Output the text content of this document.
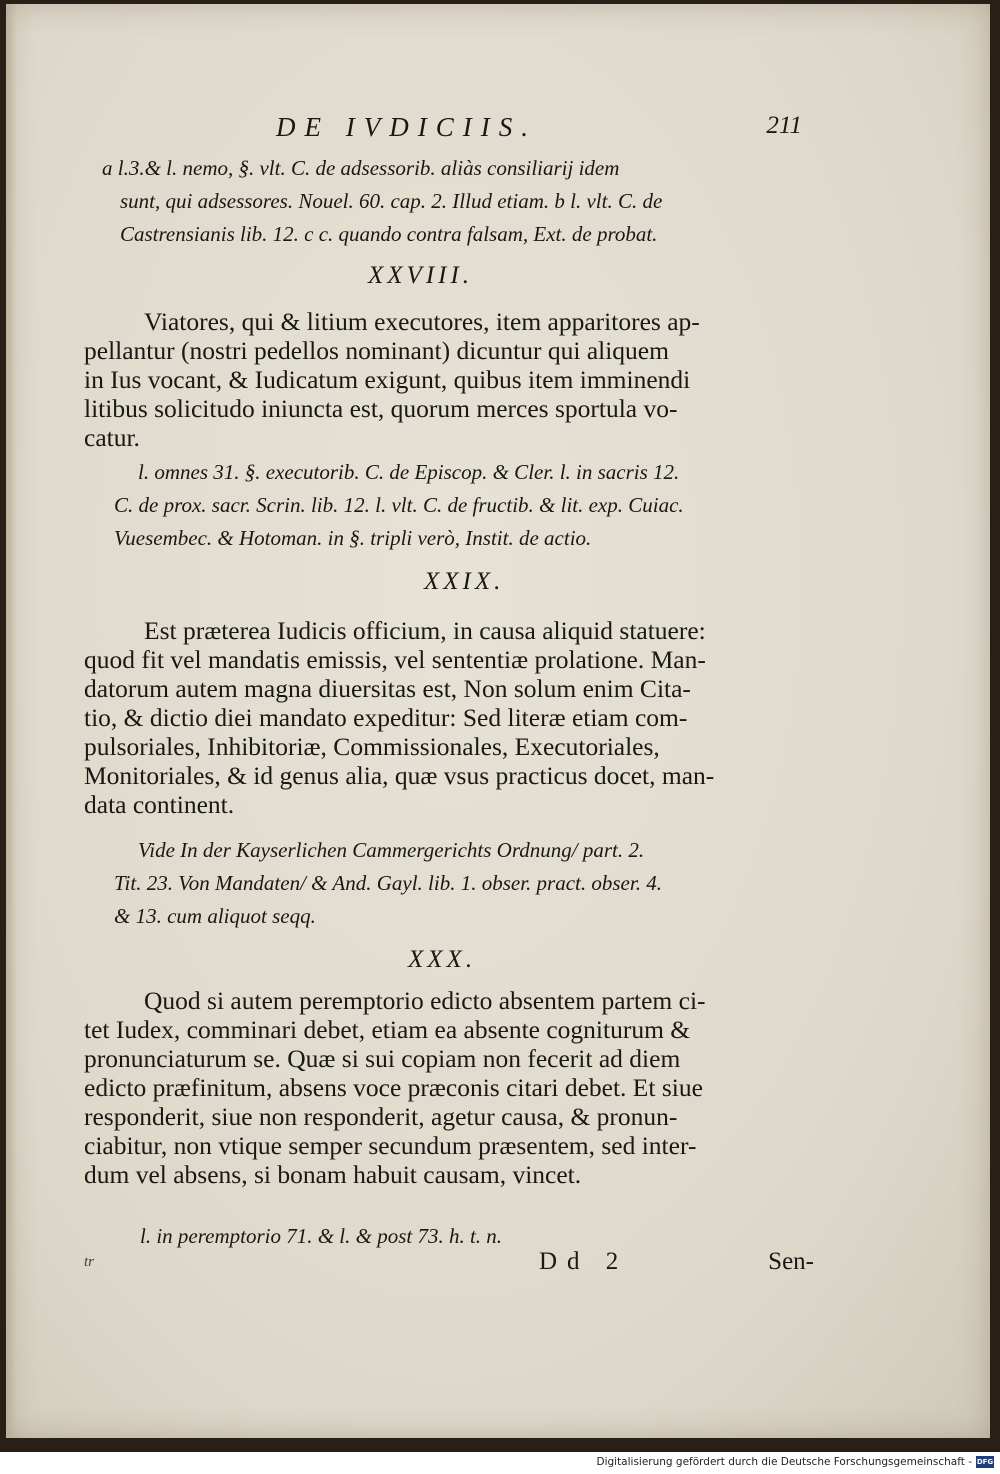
DE IVDICIIS.	211
a l.3.& l. nemo, §. vlt. C. de adsessorib. aliàs consiliarij idem
sunt, qui adsessores. Nouel. 60. cap. 2. Illud etiam. b l. vlt. C. de
Castrensianis lib. 12. c c. quando contra falsam, Ext. de probat.
XXVIII.
Viatores, qui & litium executores, item apparitores ap-
pellantur (nostri pedellos nominant) dicuntur qui aliquem
in Ius vocant, & Iudicatum exigunt, quibus item imminendi
litibus solicitudo iniuncta est, quorum merces sportula vo-
catur.
l. omnes 31. §. executorib. C. de Episcop. & Cler. l. in sacris 12.
C. de prox. sacr. Scrin. lib. 12. l. vlt. C. de fructib. & lit. exp. Cuiac.
Vuesembec. & Hotoman. in §. tripli verò, Instit. de actio.
XXIX.
Est præterea Iudicis officium, in causa aliquid statuere:
quod fit vel mandatis emissis, vel sententiæ prolatione. Man-
datorum autem magna diuersitas est, Non solum enim Cita-
tio, & dictio diei mandato expeditur: Sed literæ etiam com-
pulsoriales, Inhibitoriæ, Commissionales, Executoriales,
Monitoriales, & id genus alia, quæ vsus practicus docet, man-
data continent.
Vide In der Kayserlichen Cammergerichts Ordnung/ part. 2.
Tit. 23. Von Mandaten/ & And. Gayl. lib. 1. obser. pract. obser. 4.
& 13. cum aliquot seqq.
XXX.
Quod si autem peremptorio edicto absentem partem ci-
tet Iudex, comminari debet, etiam ea absente cogniturum &
pronunciaturum se. Quæ si sui copiam non fecerit ad diem
edicto præfinitum, absens voce præconis citari debet. Et siue
responderit, siue non responderit, agetur causa, & pronun-
ciabitur, non vtique semper secundum præsentem, sed inter-
dum vel absens, si bonam habuit causam, vincet.
l. in peremptorio 71. & l. & post 73. h. t. n.
tr	Dd 2	Sen-
Digitalisierung gefördert durch die Deutsche Forschungsgemeinschaft - DFG
